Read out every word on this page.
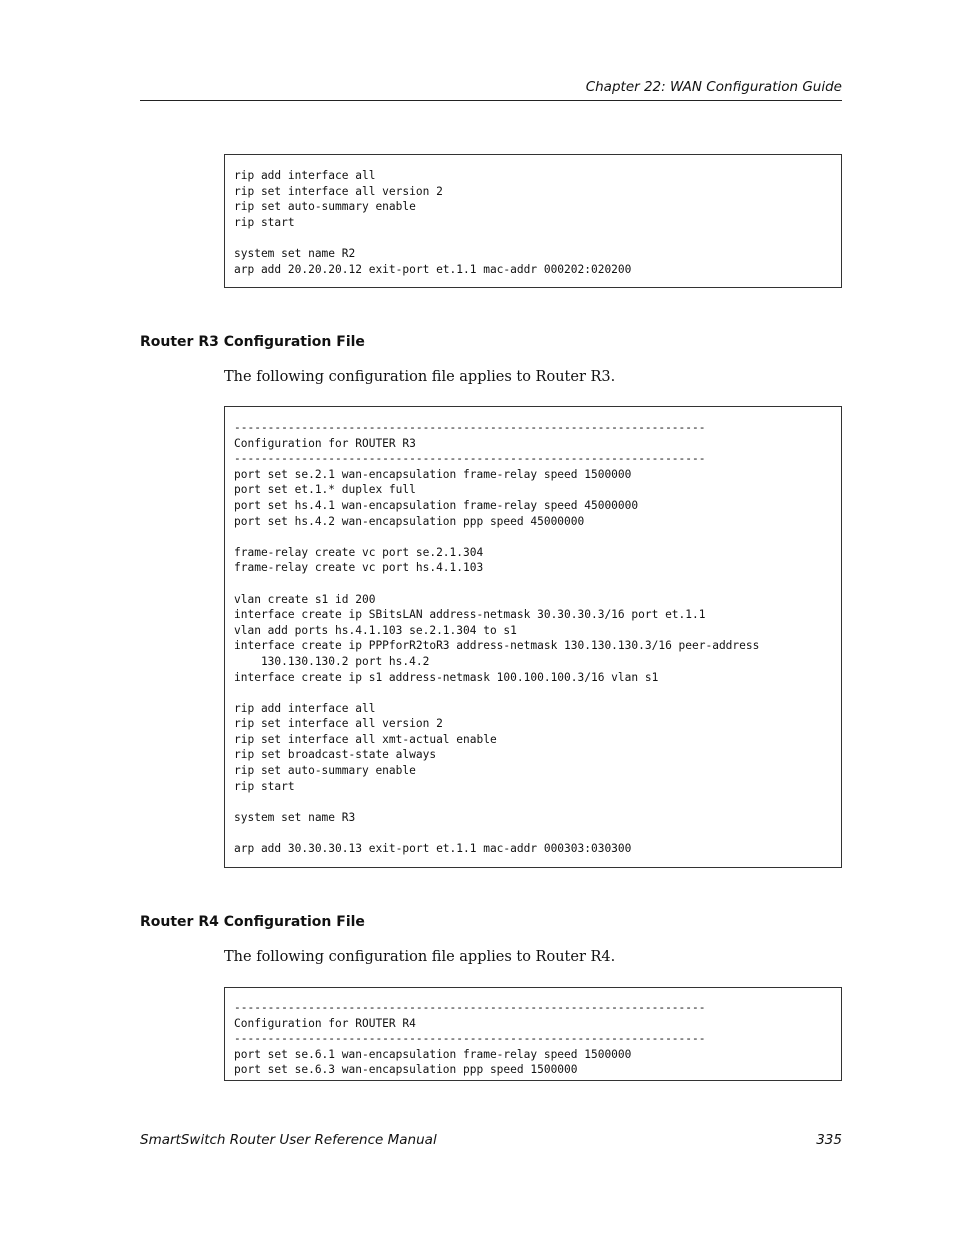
Chapter 22: WAN Configuration Guide
rip add interface all
rip set interface all version 2
rip set auto-summary enable
rip start
system set name R2
arp add 20.20.20.12 exit-port et.1.1 mac-addr 000202:020200
Router R3 Configuration File
The following configuration file applies to Router R3.
----------------------------------------------------------------------
Configuration for ROUTER R3
----------------------------------------------------------------------
port set se.2.1 wan-encapsulation frame-relay speed 1500000
port set et.1.* duplex full
port set hs.4.1 wan-encapsulation frame-relay speed 45000000
port set hs.4.2 wan-encapsulation ppp speed 45000000
frame-relay create vc port se.2.1.304
frame-relay create vc port hs.4.1.103
vlan create s1 id 200
interface create ip SBitsLAN address-netmask 30.30.30.3/16 port et.1.1
vlan add ports hs.4.1.103 se.2.1.304 to s1
interface create ip PPPforR2toR3 address-netmask 130.130.130.3/16 peer-address
130.130.130.2 port hs.4.2
interface create ip s1 address-netmask 100.100.100.3/16 vlan s1
rip add interface all
rip set interface all version 2
rip set interface all xmt-actual enable
rip set broadcast-state always
rip set auto-summary enable
rip start
system set name R3
arp add 30.30.30.13 exit-port et.1.1 mac-addr 000303:030300
Router R4 Configuration File
The following configuration file applies to Router R4.
----------------------------------------------------------------------
Configuration for ROUTER R4
----------------------------------------------------------------------
port set se.6.1 wan-encapsulation frame-relay speed 1500000
port set se.6.3 wan-encapsulation ppp speed 1500000
SmartSwitch Router User Reference Manual	335
